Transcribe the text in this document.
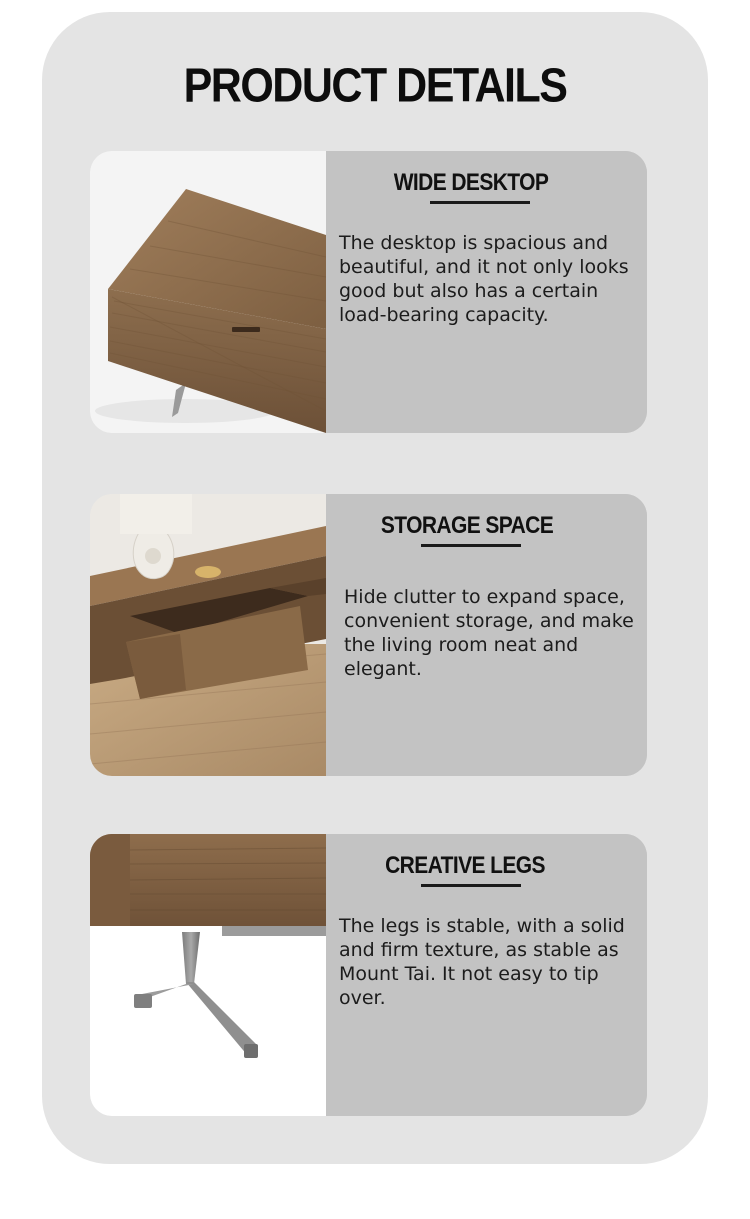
PRODUCT DETAILS
WIDE DESKTOP
The desktop is spacious and beautiful, and it not only looks good but also has a certain load-bearing capacity.
STORAGE SPACE
Hide clutter to expand space, convenient storage, and make the living room neat and elegant.
CREATIVE LEGS
The legs is stable, with a solid and firm texture, as stable as Mount Tai. It not easy to tip over.
